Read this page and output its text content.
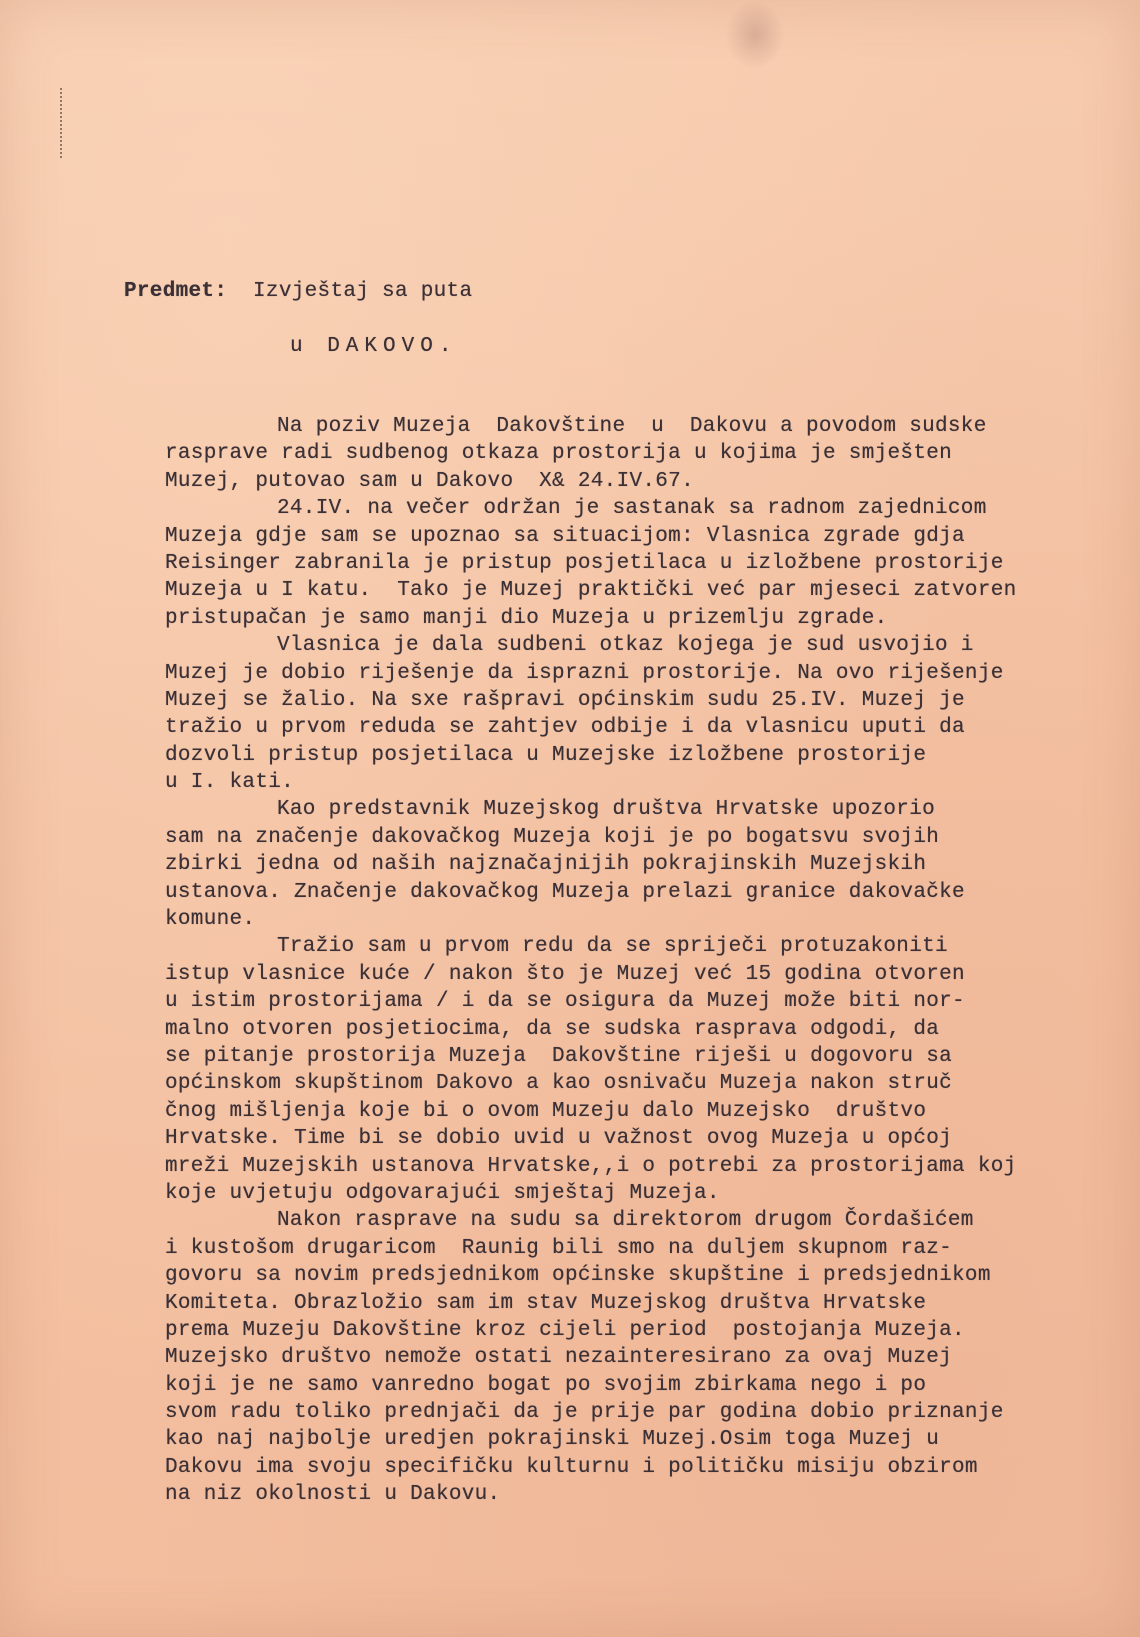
Predmet: Izvještaj sa puta

u DAKOVO.

Na poziv Muzeja  Dakovštine  u  Dakovu a povodom sudske
rasprave radi sudbenog otkaza prostorija u kojima je smješten
Muzej, putovao sam u Dakovo  X& 24.IV.67.
24.IV. na večer održan je sastanak sa radnom zajednicom
Muzeja gdje sam se upoznao sa situacijom: Vlasnica zgrade gdja
Reisinger zabranila je pristup posjetilaca u izložbene prostorije
Muzeja u I katu.  Tako je Muzej praktički već par mjeseci zatvoren
pristupačan je samo manji dio Muzeja u prizemlju zgrade.
Vlasnica je dala sudbeni otkaz kojega je sud usvojio i
Muzej je dobio riješenje da isprazni prostorije. Na ovo riješenje
Muzej se žalio. Na sxe rašpravi općinskim sudu 25.IV. Muzej je
tražio u prvom reduda se zahtjev odbije i da vlasnicu uputi da
dozvoli pristup posjetilaca u Muzejske izložbene prostorije
u I. kati.
Kao predstavnik Muzejskog društva Hrvatske upozorio
sam na značenje dakovačkog Muzeja koji je po bogatsvu svojih
zbirki jedna od naših najznačajnijih pokrajinskih Muzejskih
ustanova. Značenje dakovačkog Muzeja prelazi granice dakovačke
komune.
Tražio sam u prvom redu da se spriječi protuzakoniti
istup vlasnice kuće / nakon što je Muzej već 15 godina otvoren
u istim prostorijama / i da se osigura da Muzej može biti nor-
malno otvoren posjetiocima, da se sudska rasprava odgodi, da
se pitanje prostorija Muzeja  Dakovštine riješi u dogovoru sa
općinskom skupštinom Dakovo a kao osnivaču Muzeja nakon struč
čnog mišljenja koje bi o ovom Muzeju dalo Muzejsko  društvo
Hrvatske. Time bi se dobio uvid u važnost ovog Muzeja u općoj
mreži Muzejskih ustanova Hrvatske,,i o potrebi za prostorijama koj
koje uvjetuju odgovarajući smještaj Muzeja.
Nakon rasprave na sudu sa direktorom drugom Čordašićem
i kustošom drugaricom  Raunig bili smo na duljem skupnom raz-
govoru sa novim predsjednikom općinske skupštine i predsjednikom
Komiteta. Obrazložio sam im stav Muzejskog društva Hrvatske
prema Muzeju Dakovštine kroz cijeli period  postojanja Muzeja.
Muzejsko društvo nemože ostati nezainteresirano za ovaj Muzej
koji je ne samo vanredno bogat po svojim zbirkama nego i po
svom radu toliko prednjači da je prije par godina dobio priznanje
kao naj najbolje uredjen pokrajinski Muzej.Osim toga Muzej u
Dakovu ima svoju specifičku kulturnu i političku misiju obzirom
na niz okolnosti u Dakovu.
